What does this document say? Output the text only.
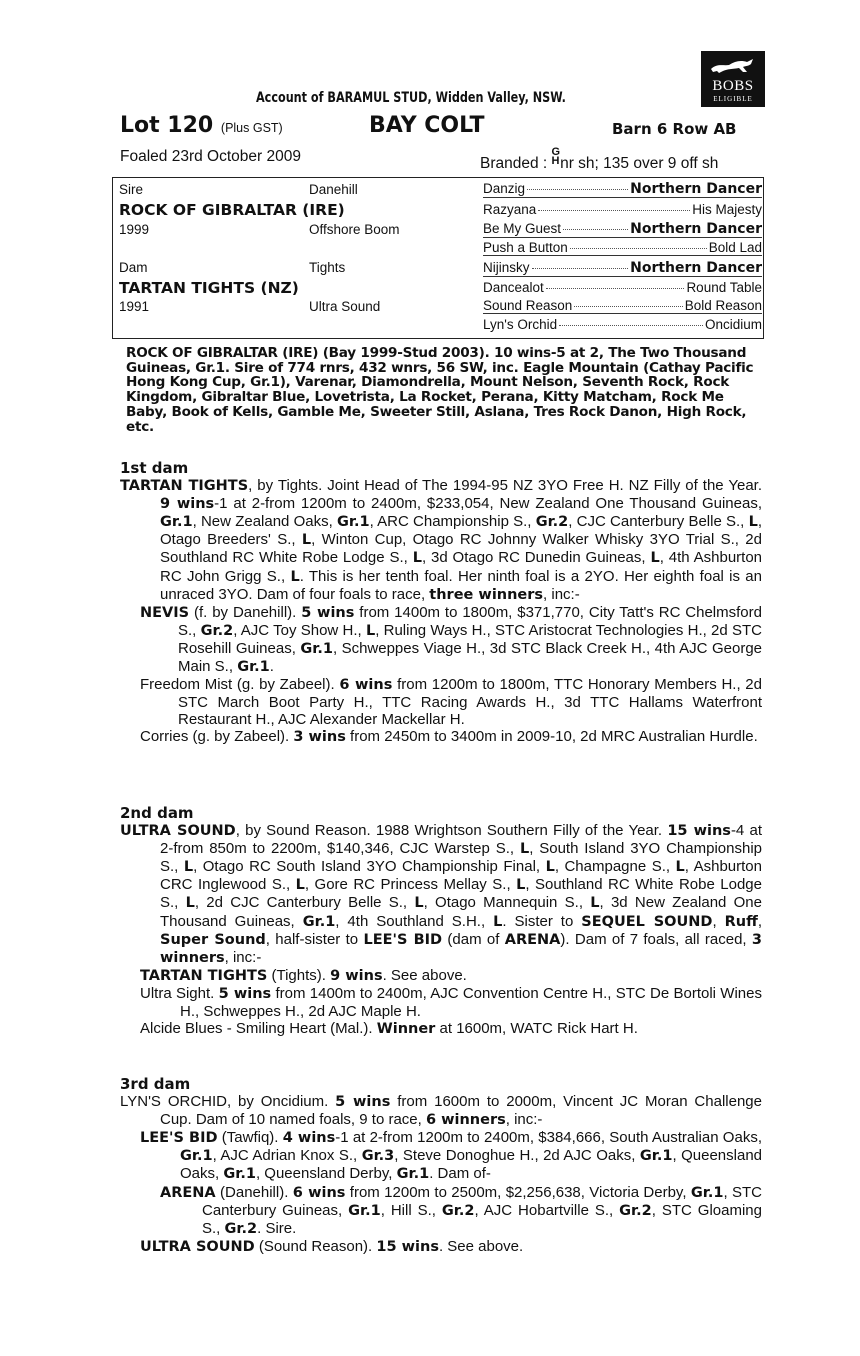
Account of BARAMUL STUD, Widden Valley, NSW.
BOBS
ELIGIBLE
Lot 120 (Plus GST)	BAY COLT	Barn 6 Row AB
Foaled 23rd October 2009	Branded : G
Hnr sh; 135 over 9 off sh
Sire	Danehill
ROCK OF GIBRALTAR (IRE)
1999	Offshore Boom
Dam	Tights
TARTAN TIGHTS (NZ)
1991	Ultra Sound
Danzig	Northern Dancer
Razyana	His Majesty
Be My Guest	Northern Dancer
Push a Button	Bold Lad
Nijinsky	Northern Dancer
Dancealot	Round Table
Sound Reason	Bold Reason
Lyn's Orchid	Oncidium
ROCK OF GIBRALTAR (IRE) (Bay 1999-Stud 2003). 10 wins-5 at 2, The Two Thousand Guineas, Gr.1. Sire of 774 rnrs, 432 wnrs, 56 SW, inc. Eagle Mountain (Cathay Pacific Hong Kong Cup, Gr.1), Varenar, Diamondrella, Mount Nelson, Seventh Rock, Rock Kingdom, Gibraltar Blue, Lovetrista, La Rocket, Perana, Kitty Matcham, Rock Me Baby, Book of Kells, Gamble Me, Sweeter Still, Aslana, Tres Rock Danon, High Rock, etc.
1st dam

TARTAN TIGHTS, by Tights. Joint Head of The 1994-95 NZ 3YO Free H. NZ Filly of the Year. 9 wins-1 at 2-from 1200m to 2400m, $233,054, New Zealand One Thousand Guineas, Gr.1, New Zealand Oaks, Gr.1, ARC Championship S., Gr.2, CJC Canterbury Belle S., L, Otago Breeders' S., L, Winton Cup, Otago RC Johnny Walker Whisky 3YO Trial S., 2d Southland RC White Robe Lodge S., L, 3d Otago RC Dunedin Guineas, L, 4th Ashburton RC John Grigg S., L. This is her tenth foal. Her ninth foal is a 2YO. Her eighth foal is an unraced 3YO. Dam of four foals to race, three winners, inc:-

NEVIS (f. by Danehill). 5 wins from 1400m to 1800m, $371,770, City Tatt's RC Chelmsford S., Gr.2, AJC Toy Show H., L, Ruling Ways H., STC Aristocrat Technologies H., 2d STC Rosehill Guineas, Gr.1, Schweppes Viage H., 3d STC Black Creek H., 4th AJC George Main S., Gr.1.

Freedom Mist (g. by Zabeel). 6 wins from 1200m to 1800m, TTC Honorary Members H., 2d STC March Boot Party H., TTC Racing Awards H., 3d TTC Hallams Waterfront Restaurant H., AJC Alexander Mackellar H.

Corries (g. by Zabeel). 3 wins from 2450m to 3400m in 2009-10, 2d MRC Australian Hurdle.

2nd dam

ULTRA SOUND, by Sound Reason. 1988 Wrightson Southern Filly of the Year. 15 wins-4 at 2-from 850m to 2200m, $140,346, CJC Warstep S., L, South Island 3YO Championship S., L, Otago RC South Island 3YO Championship Final, L, Champagne S., L, Ashburton CRC Inglewood S., L, Gore RC Princess Mellay S., L, Southland RC White Robe Lodge S., L, 2d CJC Canterbury Belle S., L, Otago Mannequin S., L, 3d New Zealand One Thousand Guineas, Gr.1, 4th Southland S.H., L. Sister to SEQUEL SOUND, Ruff, Super Sound, half-sister to LEE'S BID (dam of ARENA). Dam of 7 foals, all raced, 3 winners, inc:-

TARTAN TIGHTS (Tights). 9 wins. See above.

Ultra Sight. 5 wins from 1400m to 2400m, AJC Convention Centre H., STC De Bortoli Wines H., Schweppes H., 2d AJC Maple H.

Alcide Blues - Smiling Heart (Mal.). Winner at 1600m, WATC Rick Hart H.

3rd dam

LYN'S ORCHID, by Oncidium. 5 wins from 1600m to 2000m, Vincent JC Moran Challenge Cup. Dam of 10 named foals, 9 to race, 6 winners, inc:-

LEE'S BID (Tawfiq). 4 wins-1 at 2-from 1200m to 2400m, $384,666, South Australian Oaks, Gr.1, AJC Adrian Knox S., Gr.3, Steve Donoghue H., 2d AJC Oaks, Gr.1, Queensland Oaks, Gr.1, Queensland Derby, Gr.1. Dam of-

ARENA (Danehill). 6 wins from 1200m to 2500m, $2,256,638, Victoria Derby, Gr.1, STC Canterbury Guineas, Gr.1, Hill S., Gr.2, AJC Hobartville S., Gr.2, STC Gloaming S., Gr.2. Sire.

ULTRA SOUND (Sound Reason). 15 wins. See above.
